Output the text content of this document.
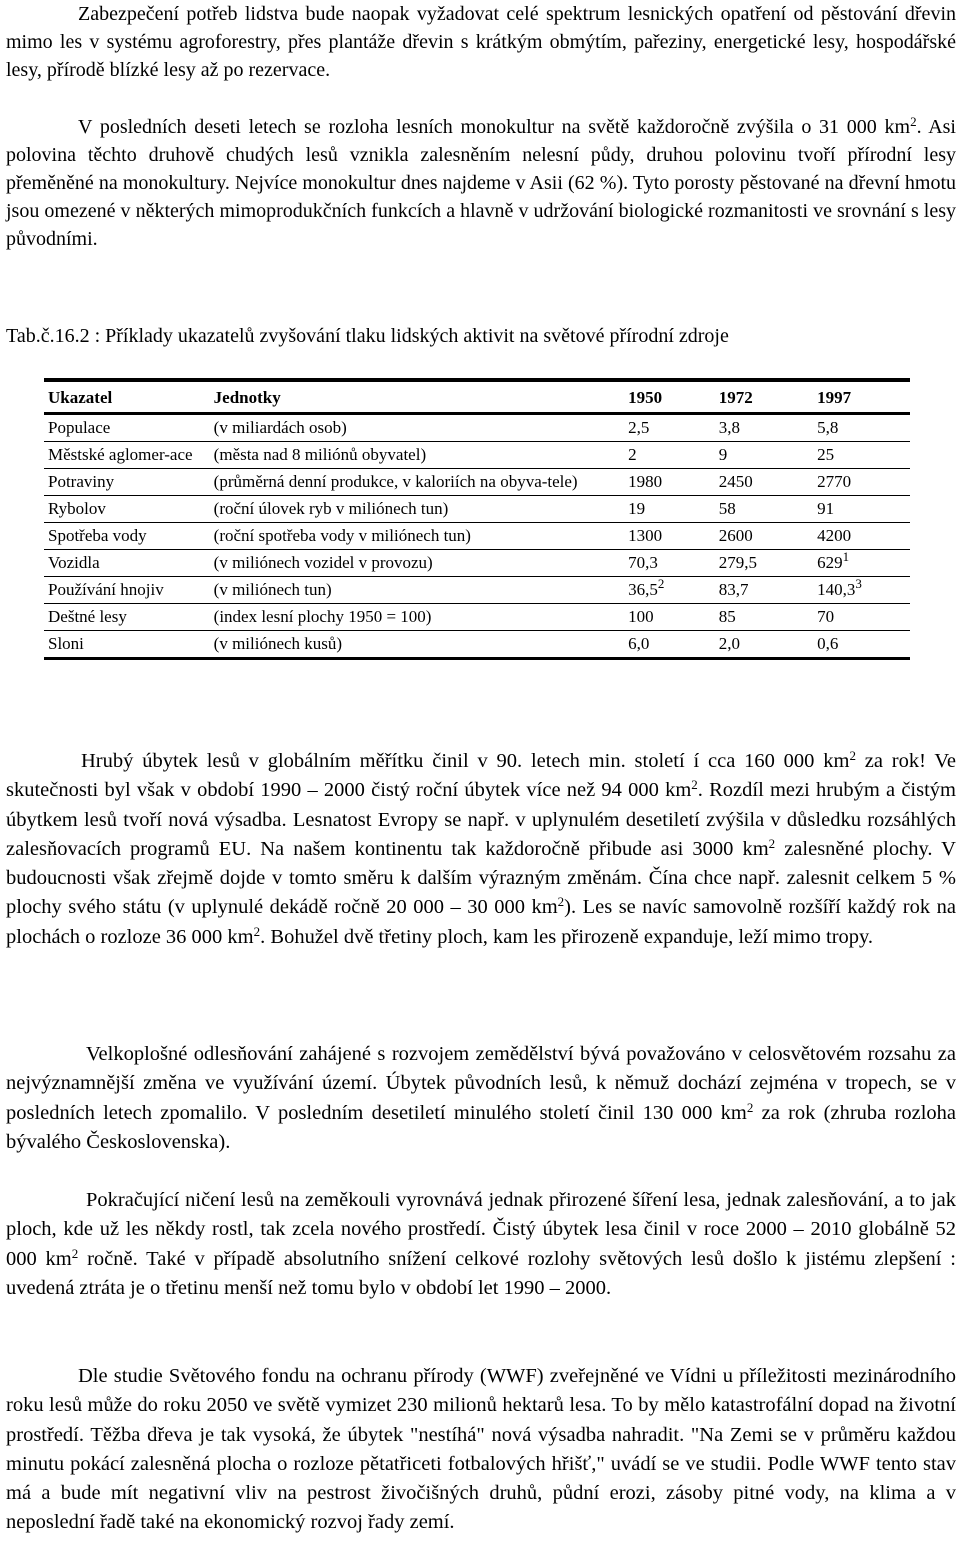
Zabezpečení potřeb lidstva bude naopak vyžadovat celé spektrum lesnických opatření od pěstování dřevin mimo les v systému agroforestry, přes plantáže dřevin s krátkým obmýtím, pařeziny, energetické lesy, hospodářské lesy, přírodě blízké lesy až po rezervace.

V posledních deseti letech se rozloha lesních monokultur na světě každoročně zvýšila o 31 000 $km^2$. Asi polovina těchto druhově chudých lesů vznikla zalesněním nelesní půdy, druhou polovinu tvoří přírodní lesy přeměněné na monokultury. Nejvíce monokultur dnes najdeme v Asii (62 %). Tyto porosty pěstované na dřevní hmotu jsou omezené v některých mimoprodukčních funkcích a hlavně v udržování biologické rozmanitosti ve srovnání s lesy původními.

Tab.č.16.2 : Příklady ukazatelů zvyšování tlaku lidských aktivit na světové přírodní zdroje

Ukazatel	Jednotky	1950	1972	1997
Populace	(v miliardách osob)	2,5	3,8	5,8
Městské aglomer-ace	(města nad 8 miliónů obyvatel)	2	9	25
Potraviny	(průměrná denní produkce, v kaloriích na obyva-tele)	1980	2450	2770
Rybolov	(roční úlovek ryb v miliónech tun)	19	58	91
Spotřeba vody	(roční spotřeba vody v miliónech tun)	1300	2600	4200
Vozidla	(v miliónech vozidel v provozu)	70,3	279,5	$629^1$
Používání hnojiv	(v miliónech tun)	36,5$^2$	83,7	140,3$^3$
Deštné lesy	(index lesní plochy 1950 = 100)	100	85	70
Sloni	(v miliónech kusů)	6,0	2,0	0,6

Hrubý úbytek lesů v globálním měřítku činil v 90. letech min. století í cca 160 000 $km^2$ za rok! Ve skutečnosti byl však v období 1990 – 2000 čistý roční úbytek více než 94 000 $km^2$. Rozdíl mezi hrubým a čistým úbytkem lesů tvoří nová výsadba. Lesnatost Evropy se např. v uplynulém desetiletí zvýšila v důsledku rozsáhlých zalesňovacích programů EU. Na našem kontinentu tak každoročně přibude asi 3000 $km^2$ zalesněné plochy. V budoucnosti však zřejmě dojde v tomto směru k dalším výrazným změnám. Čína chce např. zalesnit celkem 5 % plochy svého státu (v uplynulé dekádě ročně 20 000 – 30 000 $km^2$). Les se navíc samovolně rozšíří každý rok na plochách o rozloze 36 000 $km^2$. Bohužel dvě třetiny ploch, kam les přirozeně expanduje, leží mimo tropy.

Velkoplošné odlesňování zahájené s rozvojem zemědělství bývá považováno v celosvětovém rozsahu za nejvýznamnější změna ve využívání území. Úbytek původních lesů, k němuž dochází zejména v tropech, se v posledních letech zpomalilo. V posledním desetiletí minulého století činil 130 000 $km^2$ za rok (zhruba rozloha bývalého Československa).

Pokračující ničení lesů na zeměkouli vyrovnává jednak přirozené šíření lesa, jednak zalesňování, a to jak ploch, kde už les někdy rostl, tak zcela nového prostředí. Čistý úbytek lesa činil v roce 2000 – 2010 globálně 52 000 $km^2$ ročně. Také v případě absolutního snížení celkové rozlohy světových lesů došlo k jistému zlepšení : uvedená ztráta je o třetinu menší než tomu bylo v období let 1990 – 2000.

Dle studie Světového fondu na ochranu přírody (WWF) zveřejněné ve Vídni u příležitosti mezinárodního roku lesů může do roku 2050 ve světě vymizet 230 milionů hektarů lesa. To by mělo katastrofální dopad na životní prostředí. Těžba dřeva je tak vysoká, že úbytek "nestíhá" nová výsadba nahradit. "Na Zemi se v průměru každou minutu pokácí zalesněná plocha o rozloze pětatřiceti fotbalových hřišť," uvádí se ve studii. Podle WWF tento stav má a bude mít negativní vliv na pestrost živočišných druhů, půdní erozi, zásoby pitné vody, na klima a v neposlední řadě také na ekonomický rozvoj řady zemí.
